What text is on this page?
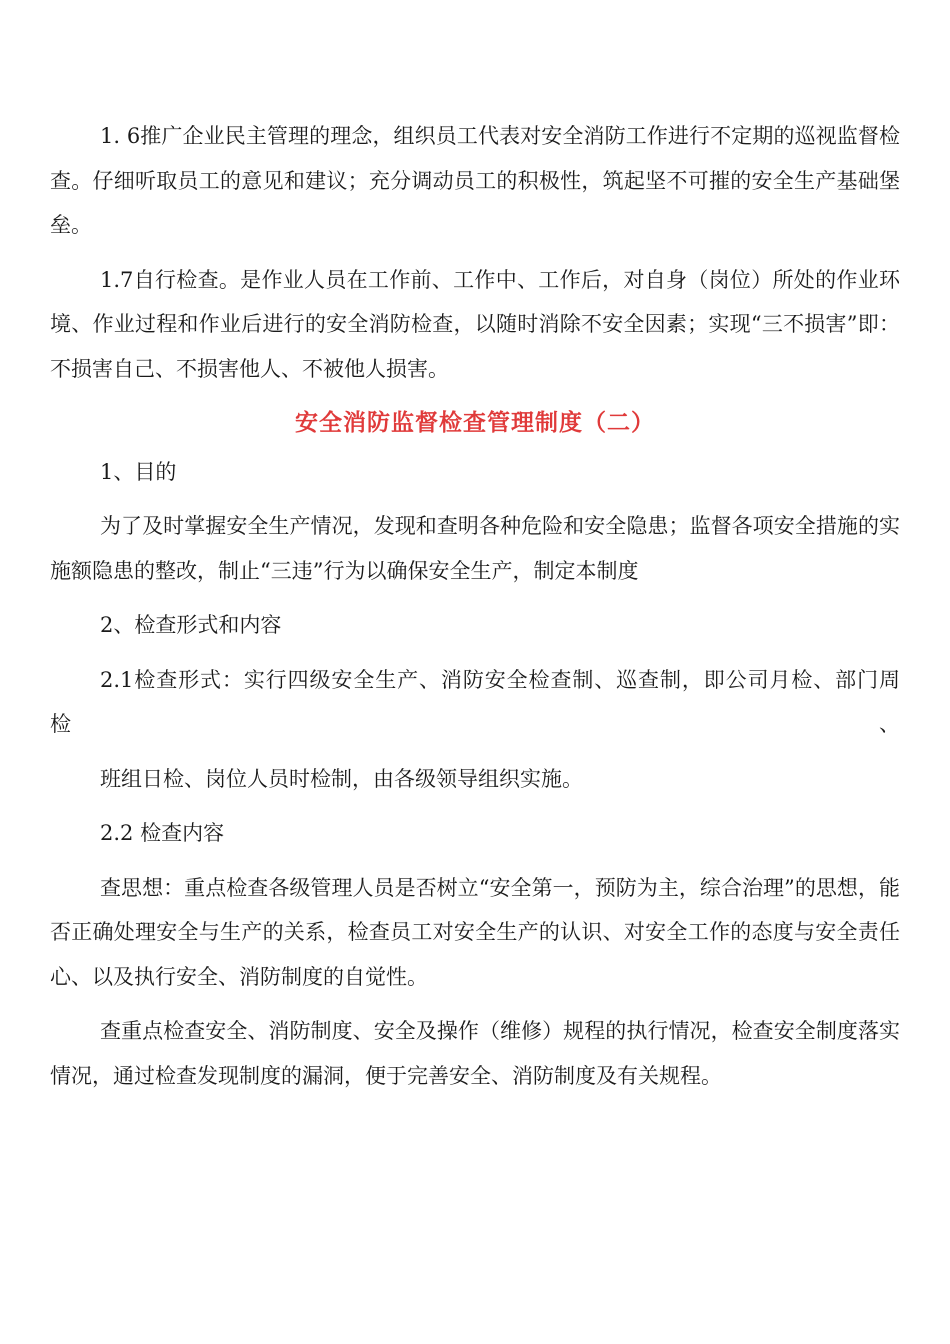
1. 6推广企业民主管理的理念，组织员工代表对安全消防工作进行不定期的巡视监督检查。仔细听取员工的意见和建议；充分调动员工的积极性，筑起坚不可摧的安全生产基础堡垒。

1.7自行检查。是作业人员在工作前、工作中、工作后，对自身（岗位）所处的作业环境、作业过程和作业后进行的安全消防检查，以随时消除不安全因素；实现“三不损害”即：不损害自己、不损害他人、不被他人损害。

安全消防监督检查管理制度（二）

1、目的

为了及时掌握安全生产情况，发现和查明各种危险和安全隐患；监督各项安全措施的实施额隐患的整改，制止“三违”行为以确保安全生产，制定本制度

2、检查形式和内容

2.1检查形式：实行四级安全生产、消防安全检查制、巡查制，即公司月检、部门周检、

班组日检、岗位人员时检制，由各级领导组织实施。

2.2 检查内容

查思想：重点检查各级管理人员是否树立“安全第一，预防为主，综合治理”的思想，能否正确处理安全与生产的关系，检查员工对安全生产的认识、对安全工作的态度与安全责任心、以及执行安全、消防制度的自觉性。

查重点检查安全、消防制度、安全及操作（维修）规程的执行情况，检查安全制度落实情况，通过检查发现制度的漏洞，便于完善安全、消防制度及有关规程。
